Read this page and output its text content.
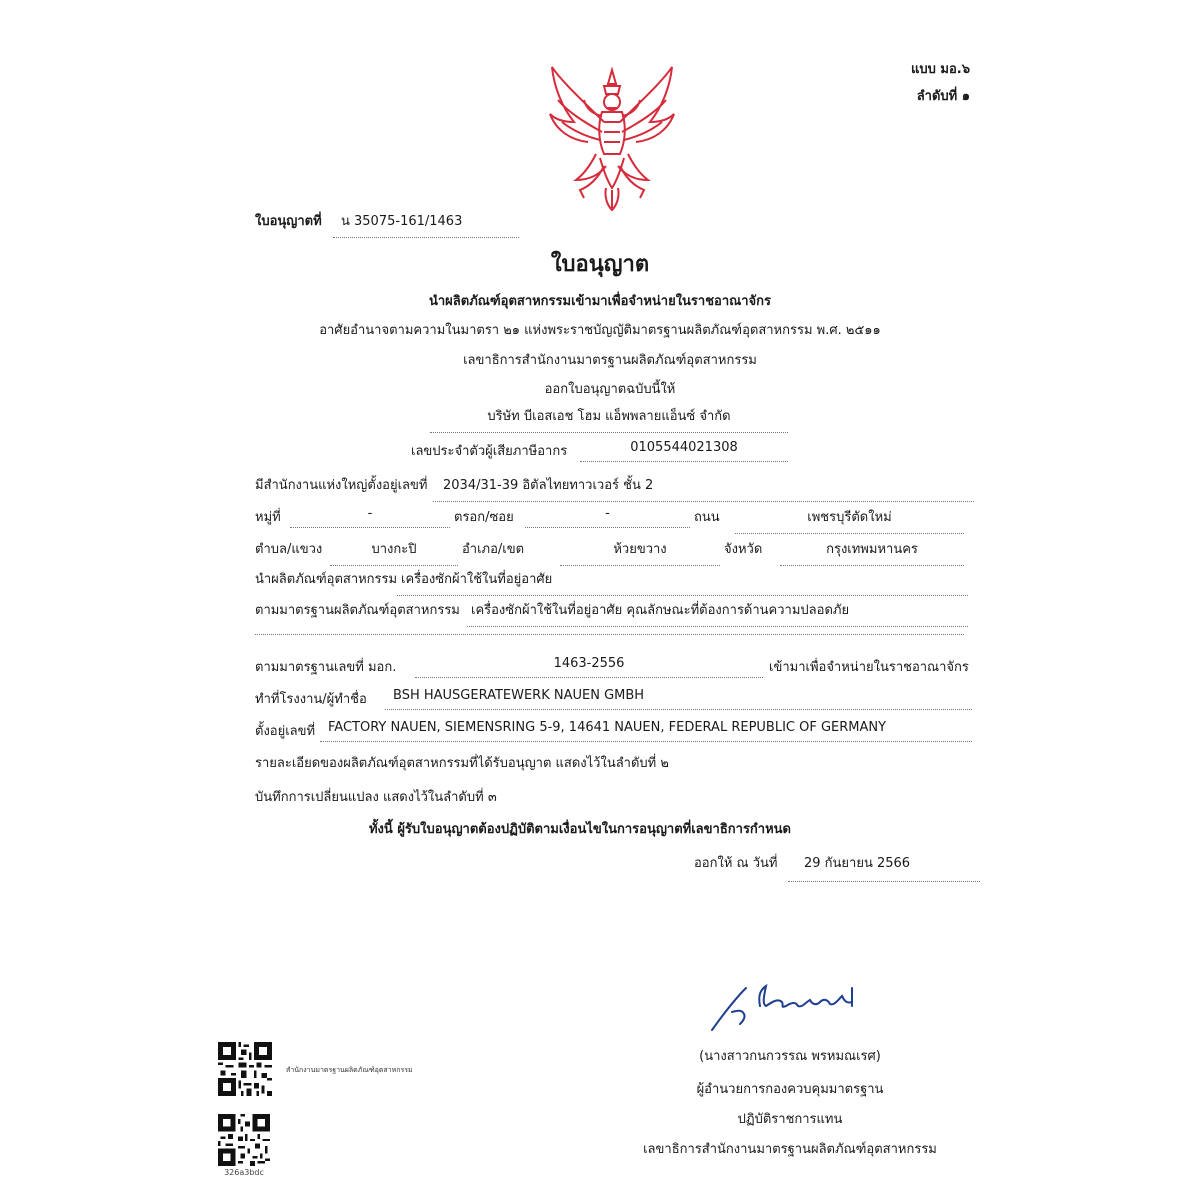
แบบ มอ.๖
ลำดับที่ ๑
ใบอนุญาตที่	น 35075-161/1463
ใบอนุญาต
นำผลิตภัณฑ์อุตสาหกรรมเข้ามาเพื่อจำหน่ายในราชอาณาจักร
อาศัยอำนาจตามความในมาตรา ๒๑ แห่งพระราชบัญญัติมาตรฐานผลิตภัณฑ์อุตสาหกรรม พ.ศ. ๒๕๑๑
เลขาธิการสำนักงานมาตรฐานผลิตภัณฑ์อุตสาหกรรม
ออกใบอนุญาตฉบับนี้ให้
บริษัท บีเอสเอช โฮม แอ็พพลายแอ็นซ์ จำกัด
เลขประจำตัวผู้เสียภาษีอากร	0105544021308
มีสำนักงานแห่งใหญ่ตั้งอยู่เลขที่	2034/31-39 อิตัลไทยทาวเวอร์ ชั้น 2
หมู่ที่	-	ตรอก/ซอย	-	ถนน	เพชรบุรีตัดใหม่
ตำบล/แขวง	บางกะปิ	อำเภอ/เขต	ห้วยขวาง	จังหวัด	กรุงเทพมหานคร
นำผลิตภัณฑ์อุตสาหกรรม เครื่องซักผ้าใช้ในที่อยู่อาศัย
ตามมาตรฐานผลิตภัณฑ์อุตสาหกรรม เครื่องซักผ้าใช้ในที่อยู่อาศัย คุณลักษณะที่ต้องการด้านความปลอดภัย
ตามมาตรฐานเลขที่ มอก.	1463-2556	เข้ามาเพื่อจำหน่ายในราชอาณาจักร
ทำที่โรงงาน/ผู้ทำชื่อ	BSH HAUSGERATEWERK NAUEN GMBH
ตั้งอยู่เลขที่ FACTORY NAUEN, SIEMENSRING 5-9, 14641 NAUEN, FEDERAL REPUBLIC OF GERMANY
รายละเอียดของผลิตภัณฑ์อุตสาหกรรมที่ได้รับอนุญาต แสดงไว้ในลำดับที่ ๒
บันทึกการเปลี่ยนแปลง แสดงไว้ในลำดับที่ ๓
ทั้งนี้ ผู้รับใบอนุญาตต้องปฏิบัติตามเงื่อนไขในการอนุญาตที่เลขาธิการกำหนด
ออกให้ ณ วันที่	29 กันยายน 2566
(นางสาวกนกวรรณ พรหมณเรศ)
ผู้อำนวยการกองควบคุมมาตรฐาน
ปฏิบัติราชการแทน
เลขาธิการสำนักงานมาตรฐานผลิตภัณฑ์อุตสาหกรรม
สำนักงานมาตรฐานผลิตภัณฑ์อุตสาหกรรม
326a3bdc
